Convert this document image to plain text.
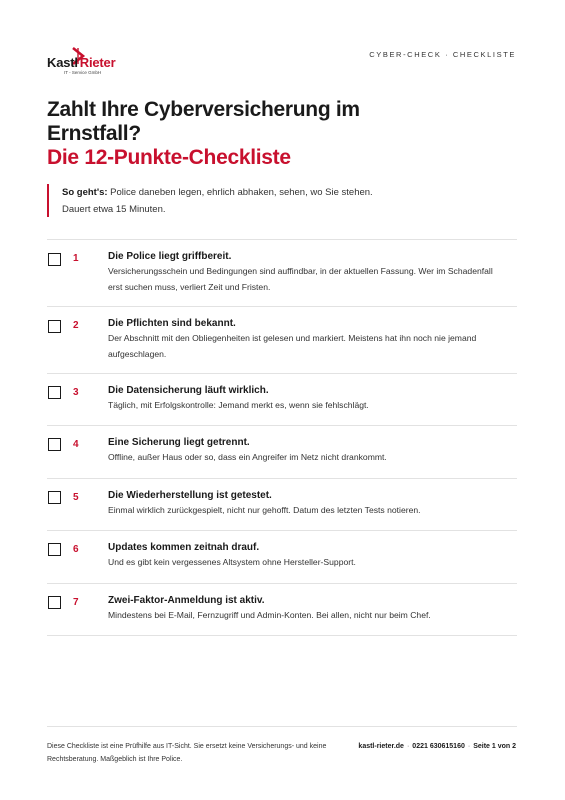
Kastl Rieter
IT - Service GmbH
CYBER-CHECK · CHECKLISTE
Zahlt Ihre Cyberversicherung im
Ernstfall?
Die 12-Punkte-Checkliste

So geht's: Police daneben legen, ehrlich abhaken, sehen, wo Sie stehen.

Dauert etwa 15 Minuten.

1	Die Police liegt griffbereit.
Versicherungsschein und Bedingungen sind auffindbar, in der aktuellen Fassung. Wer im Schadenfall erst suchen muss, verliert Zeit und Fristen.
2	Die Pflichten sind bekannt.
Der Abschnitt mit den Obliegenheiten ist gelesen und markiert. Meistens hat ihn noch nie jemand aufgeschlagen.
3	Die Datensicherung läuft wirklich.
Täglich, mit Erfolgskontrolle: Jemand merkt es, wenn sie fehlschlägt.
4	Eine Sicherung liegt getrennt.
Offline, außer Haus oder so, dass ein Angreifer im Netz nicht drankommt.
5	Die Wiederherstellung ist getestet.
Einmal wirklich zurückgespielt, nicht nur gehofft. Datum des letzten Tests notieren.
6	Updates kommen zeitnah drauf.
Und es gibt kein vergessenes Altsystem ohne Hersteller-Support.
7	Zwei-Faktor-Anmeldung ist aktiv.
Mindestens bei E-Mail, Fernzugriff und Admin-Konten. Bei allen, nicht nur beim Chef.
Diese Checkliste ist eine Prüfhilfe aus IT-Sicht. Sie ersetzt keine Versicherungs- und keine Rechtsberatung. Maßgeblich ist Ihre Police.
kastl-rieter.de · 0221 630615160 · Seite 1 von 2
